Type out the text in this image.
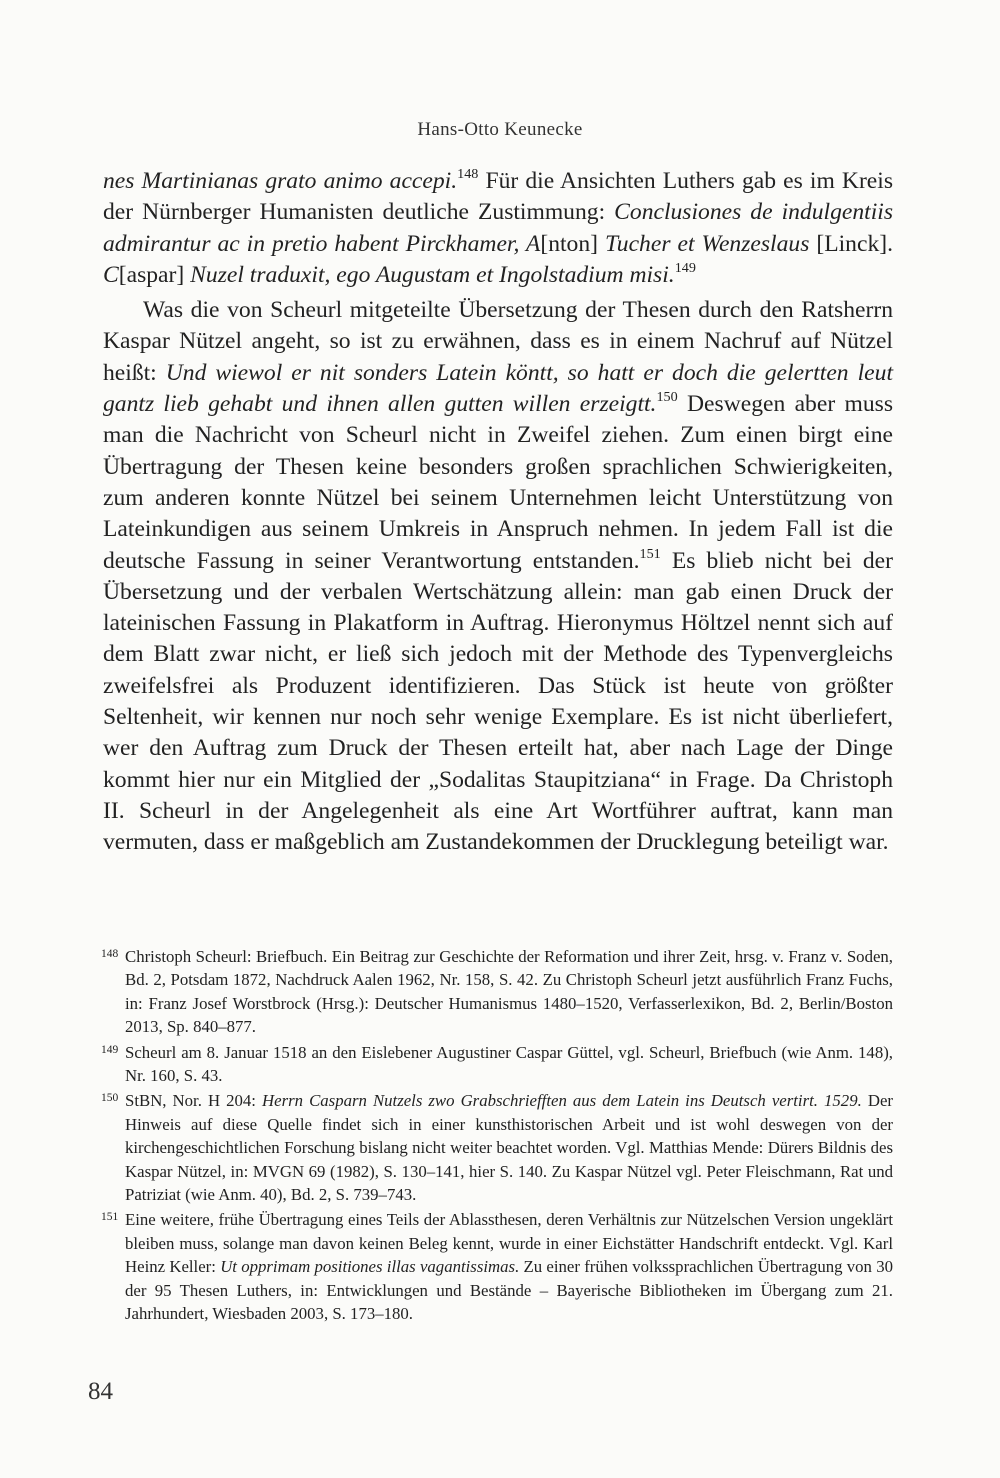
Hans-Otto Keunecke

nes Martinianas grato animo accepi.$^{148}$ Für die Ansichten Luthers gab es im Kreis der Nürnberger Humanisten deutliche Zustimmung: Conclusiones de indulgentiis admirantur ac in pretio habent Pirckhamer, A[nton] Tucher et Wenzeslaus [Linck]. C[aspar] Nuzel traduxit, ego Augustam et Ingolstadium misi.$^{149}$

Was die von Scheurl mitgeteilte Übersetzung der Thesen durch den Ratsherrn Kaspar Nützel angeht, so ist zu erwähnen, dass es in einem Nachruf auf Nützel heißt: Und wiewol er nit sonders Latein köntt, so hatt er doch die gelertten leut gantz lieb gehabt und ihnen allen gutten willen erzeigtt.$^{150}$ Deswegen aber muss man die Nachricht von Scheurl nicht in Zweifel ziehen. Zum einen birgt eine Übertragung der Thesen keine besonders großen sprachlichen Schwierigkeiten, zum anderen konnte Nützel bei seinem Unternehmen leicht Unterstützung von Lateinkundigen aus seinem Umkreis in Anspruch nehmen. In jedem Fall ist die deutsche Fassung in seiner Verantwortung entstanden.$^{151}$ Es blieb nicht bei der Übersetzung und der verbalen Wertschätzung allein: man gab einen Druck der lateinischen Fassung in Plakatform in Auftrag. Hieronymus Höltzel nennt sich auf dem Blatt zwar nicht, er ließ sich jedoch mit der Methode des Typenvergleichs zweifelsfrei als Produzent identifizieren. Das Stück ist heute von größter Seltenheit, wir kennen nur noch sehr wenige Exemplare. Es ist nicht überliefert, wer den Auftrag zum Druck der Thesen erteilt hat, aber nach Lage der Dinge kommt hier nur ein Mitglied der „Sodalitas Staupitziana“ in Frage. Da Christoph II. Scheurl in der Angelegenheit als eine Art Wortführer auftrat, kann man vermuten, dass er maßgeblich am Zustandekommen der Drucklegung beteiligt war.

148 Christoph Scheurl: Briefbuch. Ein Beitrag zur Geschichte der Reformation und ihrer Zeit, hrsg. v. Franz v. Soden, Bd. 2, Potsdam 1872, Nachdruck Aalen 1962, Nr. 158, S. 42. Zu Christoph Scheurl jetzt ausführlich Franz Fuchs, in: Franz Josef Worstbrock (Hrsg.): Deutscher Humanismus 1480–1520, Verfasserlexikon, Bd. 2, Berlin/Boston 2013, Sp. 840–877.
149 Scheurl am 8. Januar 1518 an den Eislebener Augustiner Caspar Güttel, vgl. Scheurl, Briefbuch (wie Anm. 148), Nr. 160, S. 43.
150 StBN, Nor. H 204: Herrn Casparn Nutzels zwo Grabschriefften aus dem Latein ins Deutsch vertirt. 1529. Der Hinweis auf diese Quelle findet sich in einer kunsthistorischen Arbeit und ist wohl deswegen von der kirchengeschichtlichen Forschung bislang nicht weiter beachtet worden. Vgl. Matthias Mende: Dürers Bildnis des Kaspar Nützel, in: MVGN 69 (1982), S. 130–141, hier S. 140. Zu Kaspar Nützel vgl. Peter Fleischmann, Rat und Patriziat (wie Anm. 40), Bd. 2, S. 739–743.
151 Eine weitere, frühe Übertragung eines Teils der Ablassthesen, deren Verhältnis zur Nützelschen Version ungeklärt bleiben muss, solange man davon keinen Beleg kennt, wurde in einer Eichstätter Handschrift entdeckt. Vgl. Karl Heinz Keller: Ut opprimam positiones illas vagantissimas. Zu einer frühen volkssprachlichen Übertragung von 30 der 95 Thesen Luthers, in: Entwicklungen und Bestände – Bayerische Bibliotheken im Übergang zum 21. Jahrhundert, Wiesbaden 2003, S. 173–180.
84
